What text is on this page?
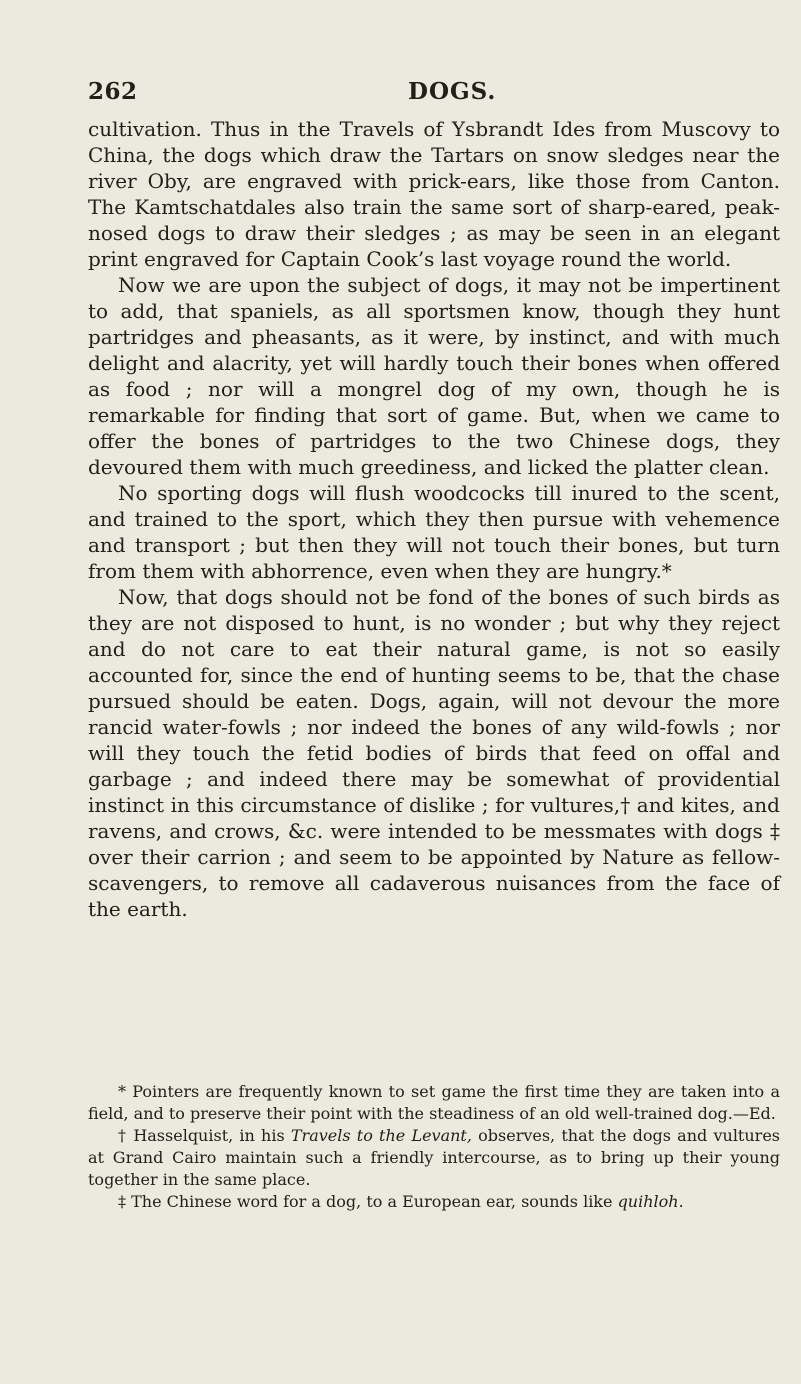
262	DOGS.

cultivation. Thus in the Travels of Ysbrandt Ides from Muscovy to China, the dogs which draw the Tartars on snow sledges near the river Oby, are engraved with prick-ears, like those from Canton. The Kamtschatdales also train the same sort of sharp-eared, peak-nosed dogs to draw their sledges ; as may be seen in an elegant print engraved for Captain Cook’s last voyage round the world.

Now we are upon the subject of dogs, it may not be impertinent to add, that spaniels, as all sportsmen know, though they hunt partridges and pheasants, as it were, by instinct, and with much delight and alacrity, yet will hardly touch their bones when offered as food ; nor will a mongrel dog of my own, though he is remarkable for finding that sort of game. But, when we came to offer the bones of partridges to the two Chinese dogs, they devoured them with much greediness, and licked the platter clean.

No sporting dogs will flush woodcocks till inured to the scent, and trained to the sport, which they then pursue with vehemence and transport ; but then they will not touch their bones, but turn from them with abhorrence, even when they are hungry.*

Now, that dogs should not be fond of the bones of such birds as they are not disposed to hunt, is no wonder ; but why they reject and do not care to eat their natural game, is not so easily accounted for, since the end of hunting seems to be, that the chase pursued should be eaten. Dogs, again, will not devour the more rancid water-fowls ; nor indeed the bones of any wild-fowls ; nor will they touch the fetid bodies of birds that feed on offal and garbage ; and indeed there may be somewhat of providential instinct in this circumstance of dislike ; for vultures,† and kites, and ravens, and crows, &c. were intended to be messmates with dogs ‡ over their carrion ; and seem to be appointed by Nature as fellow-scavengers, to remove all cadaverous nuisances from the face of the earth.

* Pointers are frequently known to set game the first time they are taken into a field, and to preserve their point with the steadiness of an old well-trained dog.—Ed.

† Hasselquist, in his Travels to the Levant, observes, that the dogs and vultures at Grand Cairo maintain such a friendly intercourse, as to bring up their young together in the same place.

‡ The Chinese word for a dog, to a European ear, sounds like quihloh.
